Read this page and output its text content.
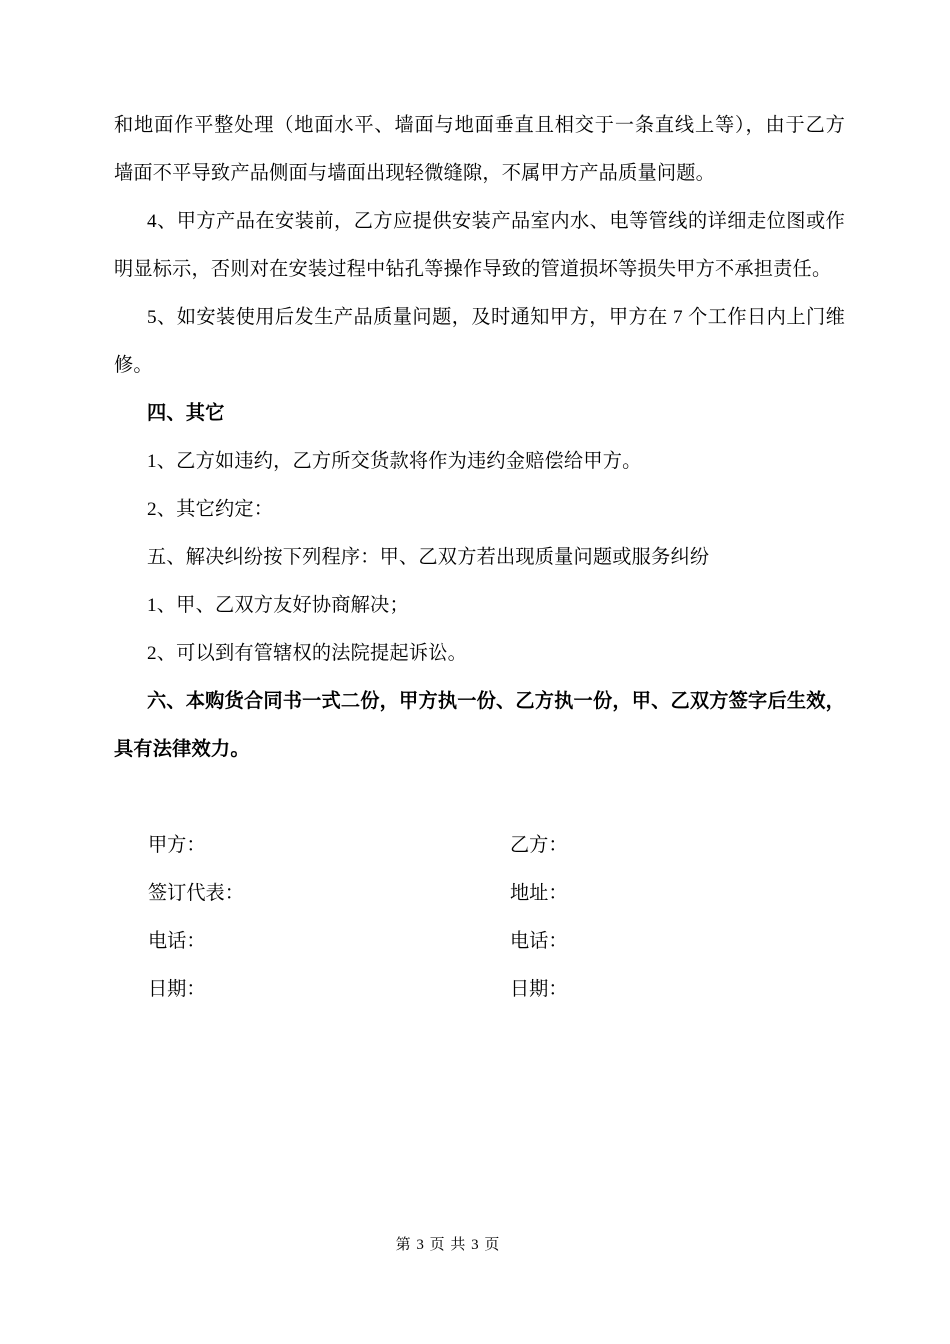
和地面作平整处理（地面水平、墙面与地面垂直且相交于一条直线上等），由于乙方
墙面不平导致产品侧面与墙面出现轻微缝隙，不属甲方产品质量问题。
4、甲方产品在安装前，乙方应提供安装产品室内水、电等管线的详细走位图或作
明显标示，否则对在安装过程中钻孔等操作导致的管道损坏等损失甲方不承担责任。
5、如安装使用后发生产品质量问题，及时通知甲方，甲方在 7 个工作日内上门维
修。
四、其它
1、乙方如违约，乙方所交货款将作为违约金赔偿给甲方。
2、其它约定：
五、解决纠纷按下列程序：甲、乙双方若出现质量问题或服务纠纷
1、甲、乙双方友好协商解决；
2、可以到有管辖权的法院提起诉讼。
六、本购货合同书一式二份，甲方执一份、乙方执一份，甲、乙双方签字后生效，
具有法律效力。
甲方：	乙方：
签订代表：	地址：
电话：	电话：
日期：	日期：
第 3 页 共 3 页
